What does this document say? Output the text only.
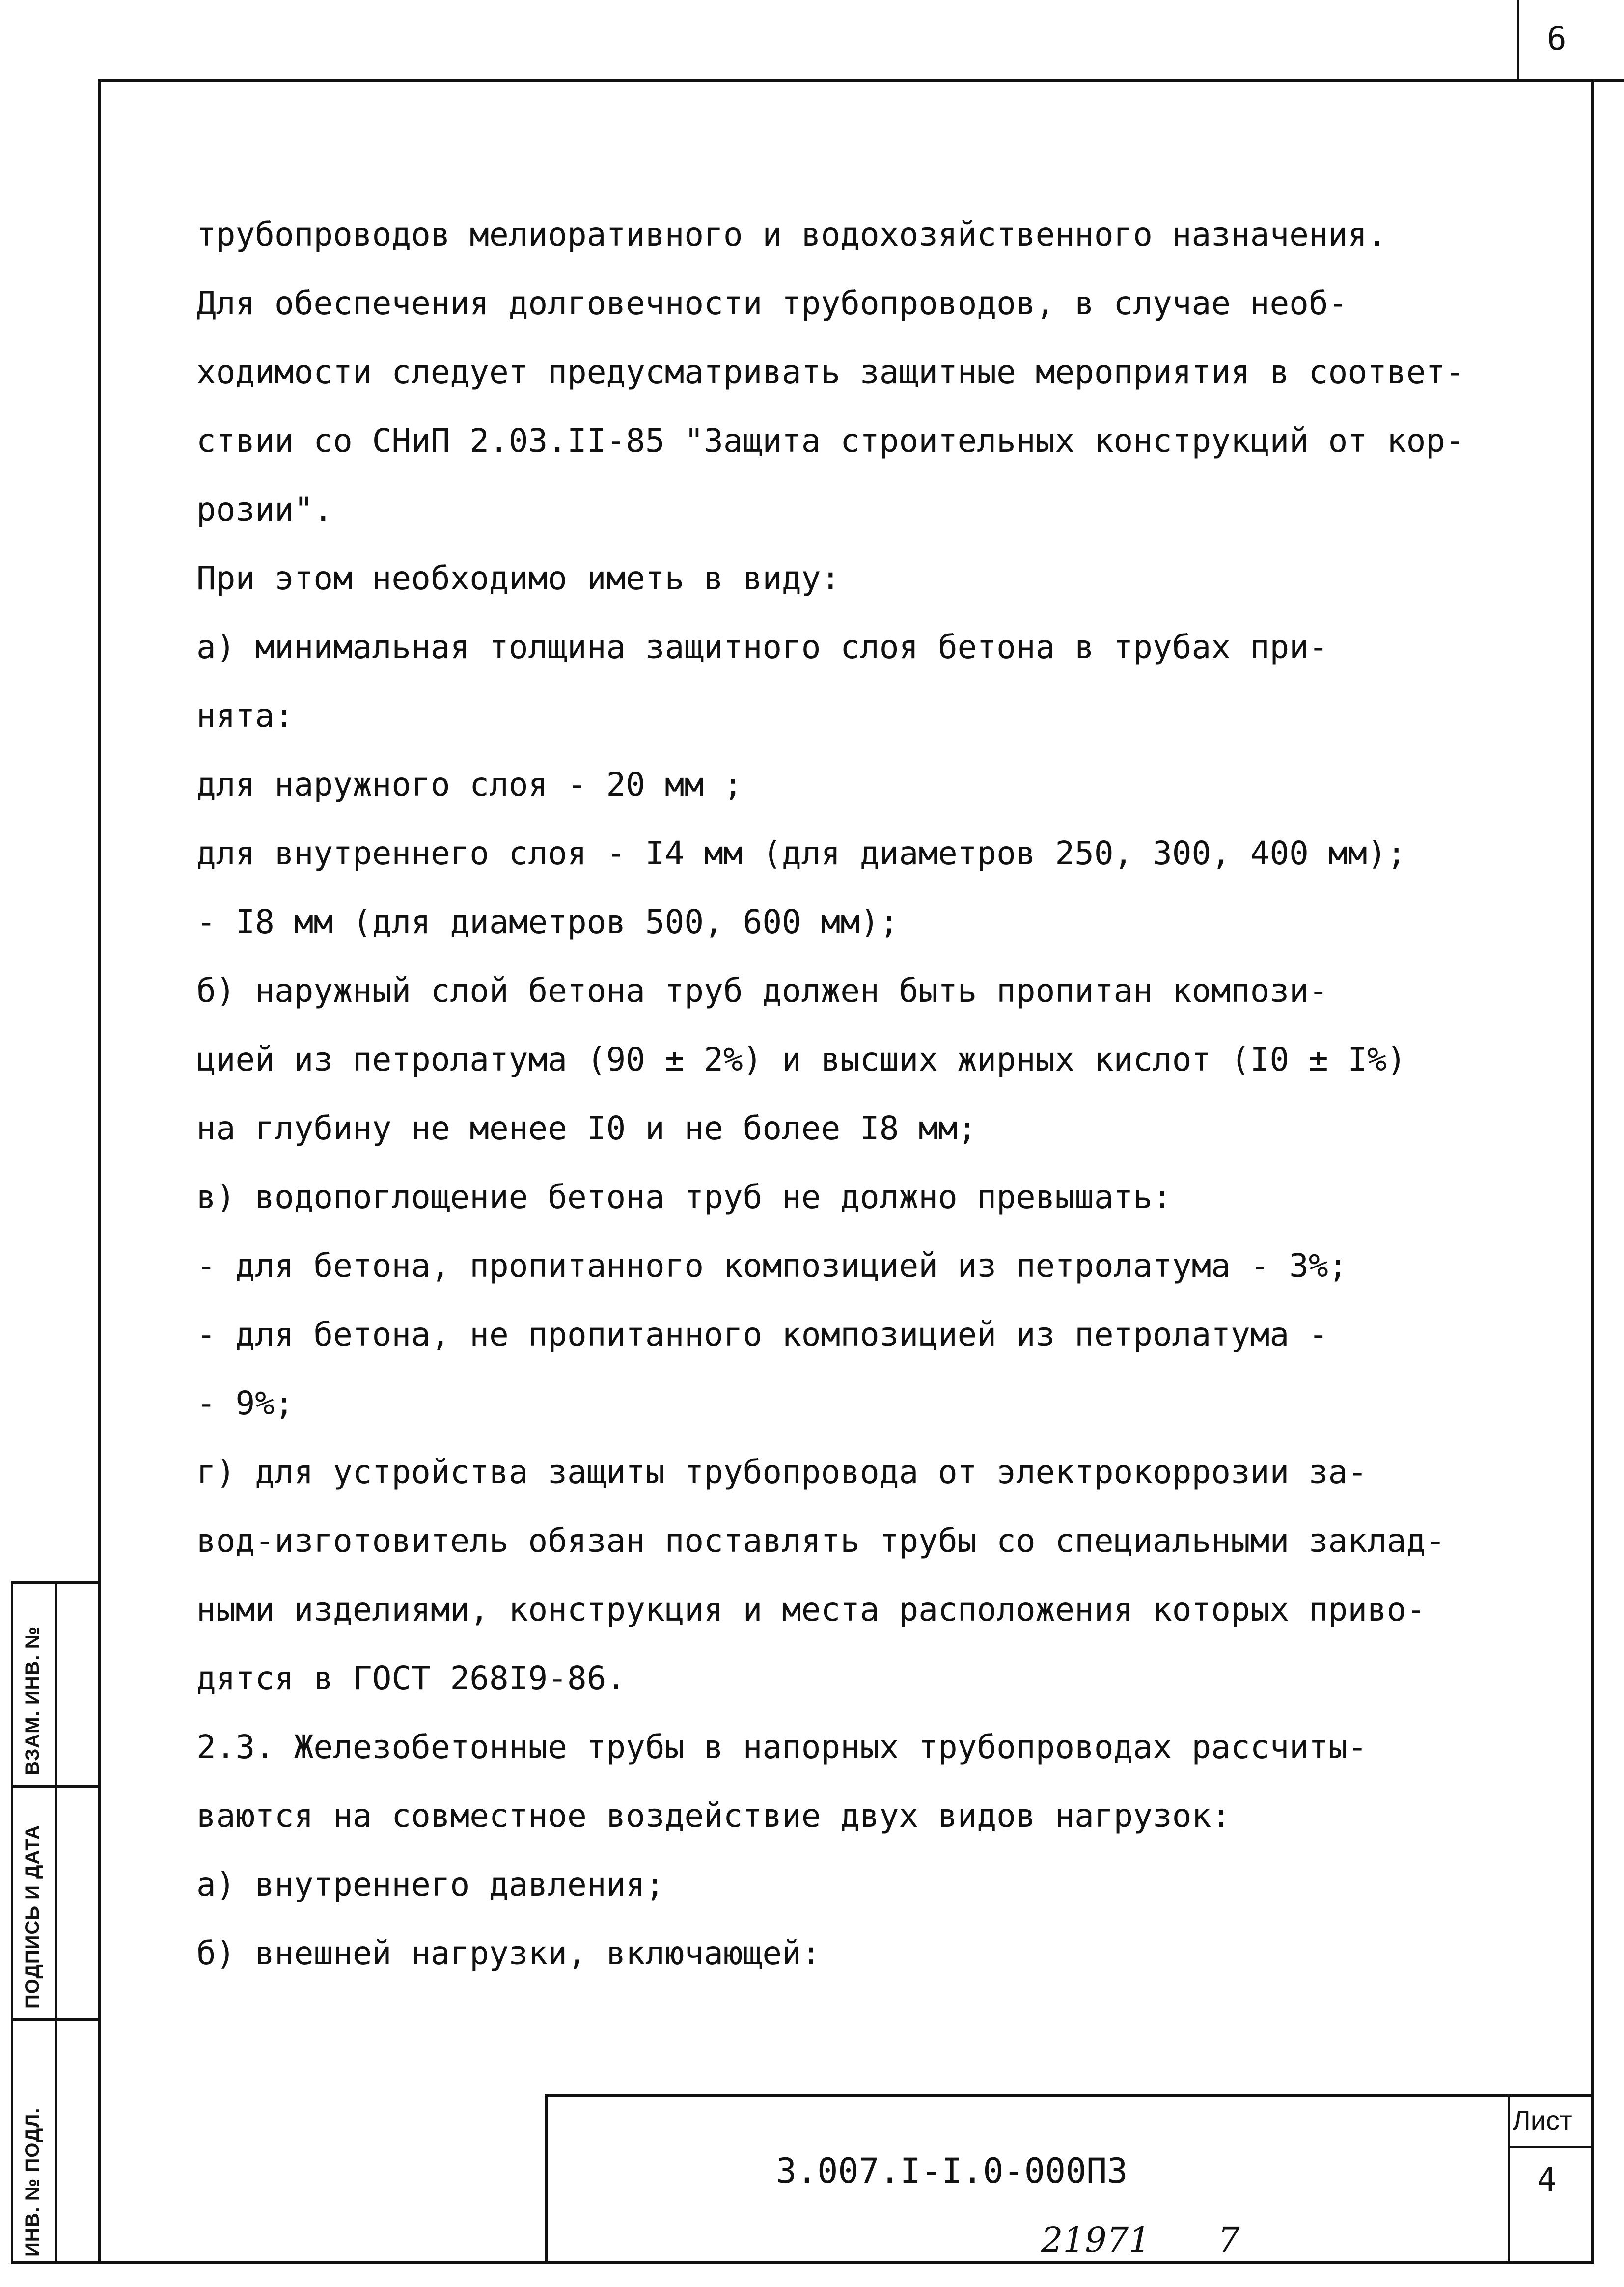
6
трубопроводов мелиоративного и водохозяйственного назначения.
Для обеспечения долговечности трубопроводов, в случае необ-
ходимости следует предусматривать защитные мероприятия в соответ-
ствии со СНиП 2.03.II-85 "Защита строительных конструкций от кор-
розии".
При этом необходимо иметь в виду:
а) минимальная толщина защитного слоя бетона в трубах при-
нята:
для наружного слоя - 20 мм ;
для внутреннего слоя - I4 мм (для диаметров 250, 300, 400 мм);
- I8 мм (для диаметров 500, 600 мм);
б) наружный слой бетона труб должен быть пропитан компози-
цией из петролатума (90 ± 2%) и высших жирных кислот (I0 ± I%)
на глубину не менее I0 и не более I8 мм;
в) водопоглощение бетона труб не должно превышать:
- для бетона, пропитанного композицией из петролатума - 3%;
- для бетона, не пропитанного композицией из петролатума -
- 9%;
г) для устройства защиты трубопровода от электрокоррозии за-
вод-изготовитель обязан поставлять трубы со специальными заклад-
ными изделиями, конструкция и места расположения которых приво-
дятся в ГОСТ 268I9-86.
2.3. Железобетонные трубы в напорных трубопроводах рассчиты-
ваются на совместное воздействие двух видов нагрузок:
а) внутреннего давления;
б) внешней нагрузки, включающей:
ВЗАМ. ИНВ. №
ПОДПИСЬ И ДАТА
ИНВ. № ПОДЛ.	3.007.I-I.0-000ПЗ
Лист
4
21971 7
